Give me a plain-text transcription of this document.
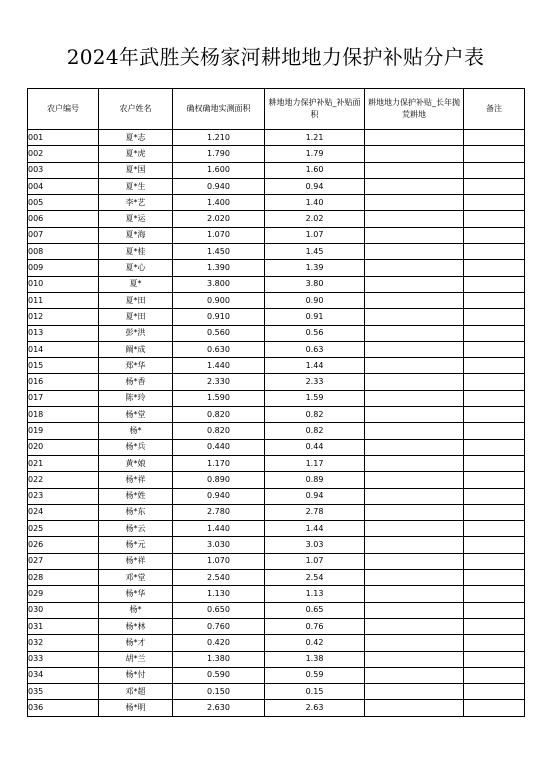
2024年武胜关杨家河耕地地力保护补贴分户表
农户编号	农户姓名	确权确地实测面积	耕地地力保护补贴_补贴面积	耕地地力保护补贴_长年抛荒耕地	备注
001	夏*志	1.210	1.21		
002	夏*虎	1.790	1.79		
003	夏*国	1.600	1.60		
004	夏*生	0.940	0.94		
005	李*艺	1.400	1.40		
006	夏*运	2.020	2.02		
007	夏*海	1.070	1.07		
008	夏*桂	1.450	1.45		
009	夏*心	1.390	1.39		
010	夏*	3.800	3.80		
011	夏*田	0.900	0.90		
012	夏*田	0.910	0.91		
013	彭*洪	0.560	0.56		
014	阚*成	0.630	0.63		
015	郑*华	1.440	1.44		
016	杨*香	2.330	2.33		
017	陈*玲	1.590	1.59		
018	杨*堂	0.820	0.82		
019	杨*	0.820	0.82		
020	杨*兵	0.440	0.44		
021	黄*娘	1.170	1.17		
022	杨*祥	0.890	0.89		
023	杨*姓	0.940	0.94		
024	杨*东	2.780	2.78		
025	杨*云	1.440	1.44		
026	杨*元	3.030	3.03		
027	杨*祥	1.070	1.07		
028	邓*堂	2.540	2.54		
029	杨*华	1.130	1.13		
030	杨*	0.650	0.65		
031	杨*林	0.760	0.76		
032	杨*才	0.420	0.42		
033	胡*兰	1.380	1.38		
034	杨*付	0.590	0.59		
035	邓*超	0.150	0.15		
036	杨*明	2.630	2.63		
